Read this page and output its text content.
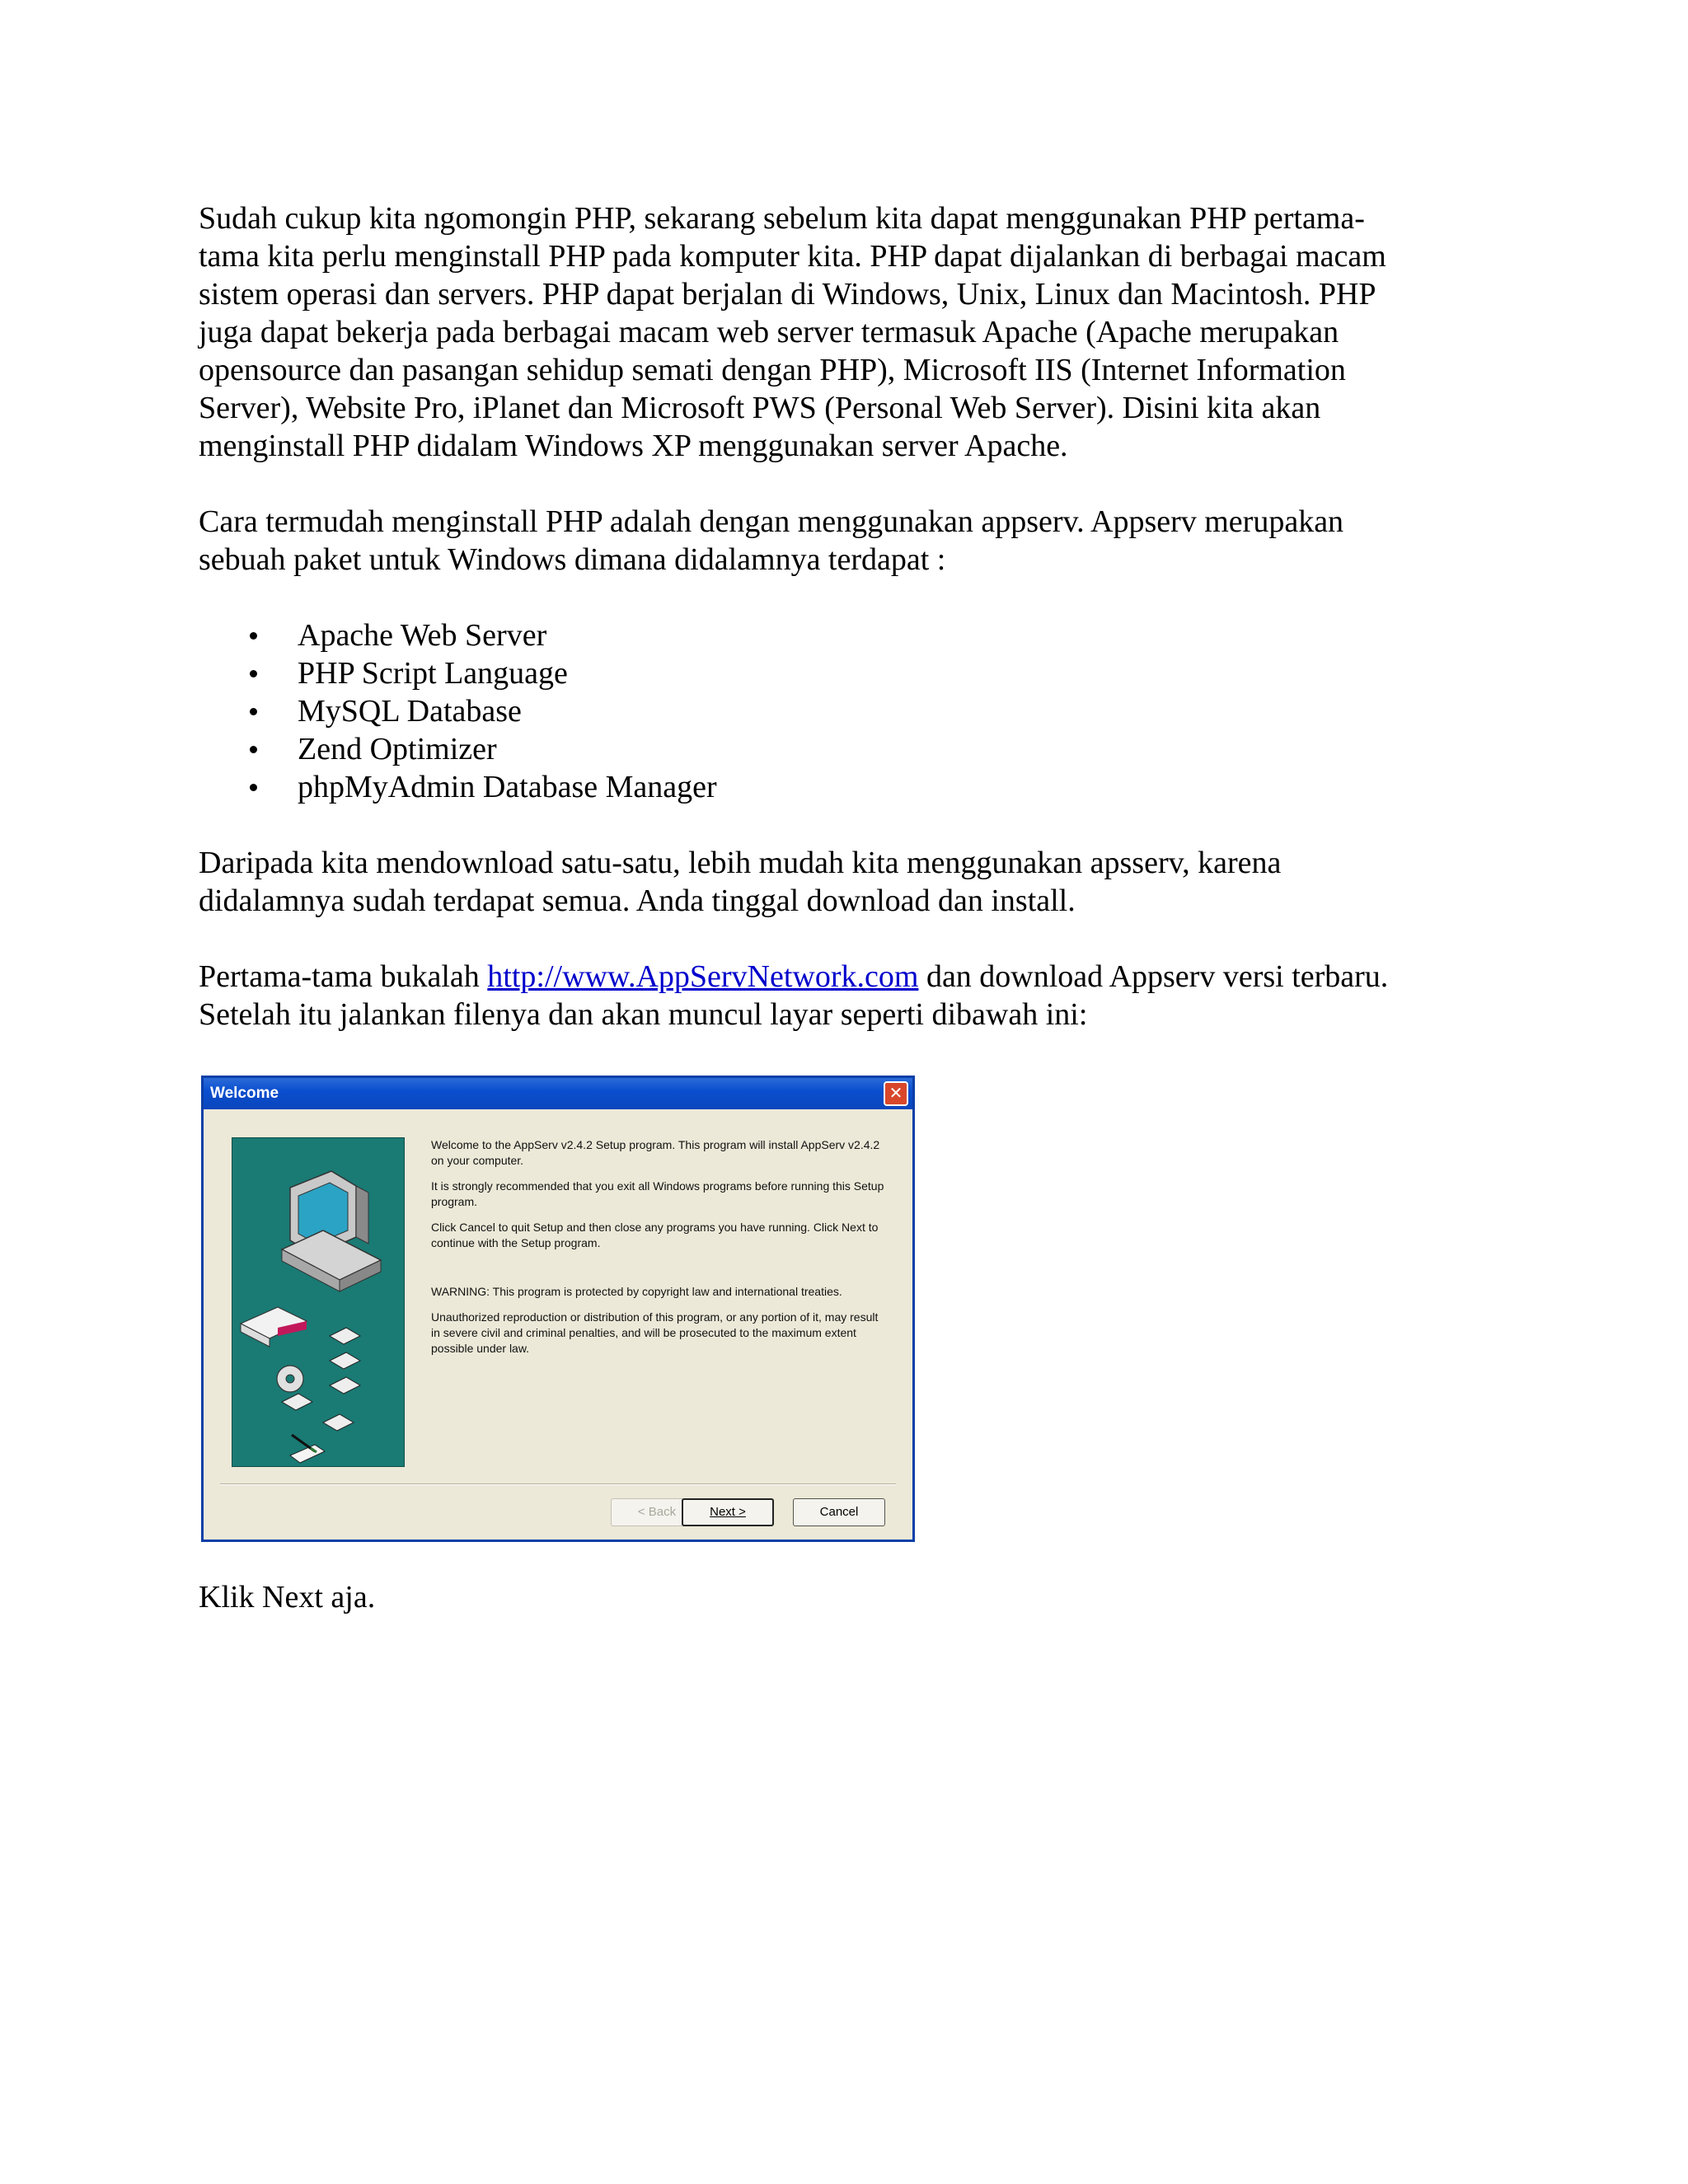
Sudah cukup kita ngomongin PHP, sekarang sebelum kita dapat menggunakan PHP pertama-
tama kita perlu menginstall PHP pada komputer kita. PHP dapat dijalankan di berbagai macam
sistem operasi dan servers. PHP dapat berjalan di Windows, Unix, Linux dan Macintosh. PHP
juga dapat bekerja pada berbagai macam web server termasuk Apache (Apache merupakan
opensource dan pasangan sehidup semati dengan PHP), Microsoft IIS (Internet Information
Server), Website Pro, iPlanet dan Microsoft PWS (Personal Web Server). Disini kita akan
menginstall PHP didalam Windows XP menggunakan server Apache.

Cara termudah menginstall PHP adalah dengan menggunakan appserv. Appserv merupakan
sebuah paket untuk Windows dimana didalamnya terdapat :

Apache Web Server
PHP Script Language
MySQL Database
Zend Optimizer
phpMyAdmin Database Manager

Daripada kita mendownload satu-satu, lebih mudah kita menggunakan apsserv, karena
didalamnya sudah terdapat semua. Anda tinggal download dan install.

Pertama-tama bukalah http://www.AppServNetwork.com dan download Appserv versi terbaru.
Setelah itu jalankan filenya dan akan muncul layar seperti dibawah ini:

Welcome	✕

Welcome to the AppServ v2.4.2 Setup program. This program will install AppServ v2.4.2 on your computer.

It is strongly recommended that you exit all Windows programs before running this Setup program.

Click Cancel to quit Setup and then close any programs you have running. Click Next to continue with the Setup program.

WARNING: This program is protected by copyright law and international treaties.

Unauthorized reproduction or distribution of this program, or any portion of it, may result in severe civil and criminal penalties, and will be prosecuted to the maximum extent possible under law.

< Back	Next >	Cancel
Klik Next aja.
